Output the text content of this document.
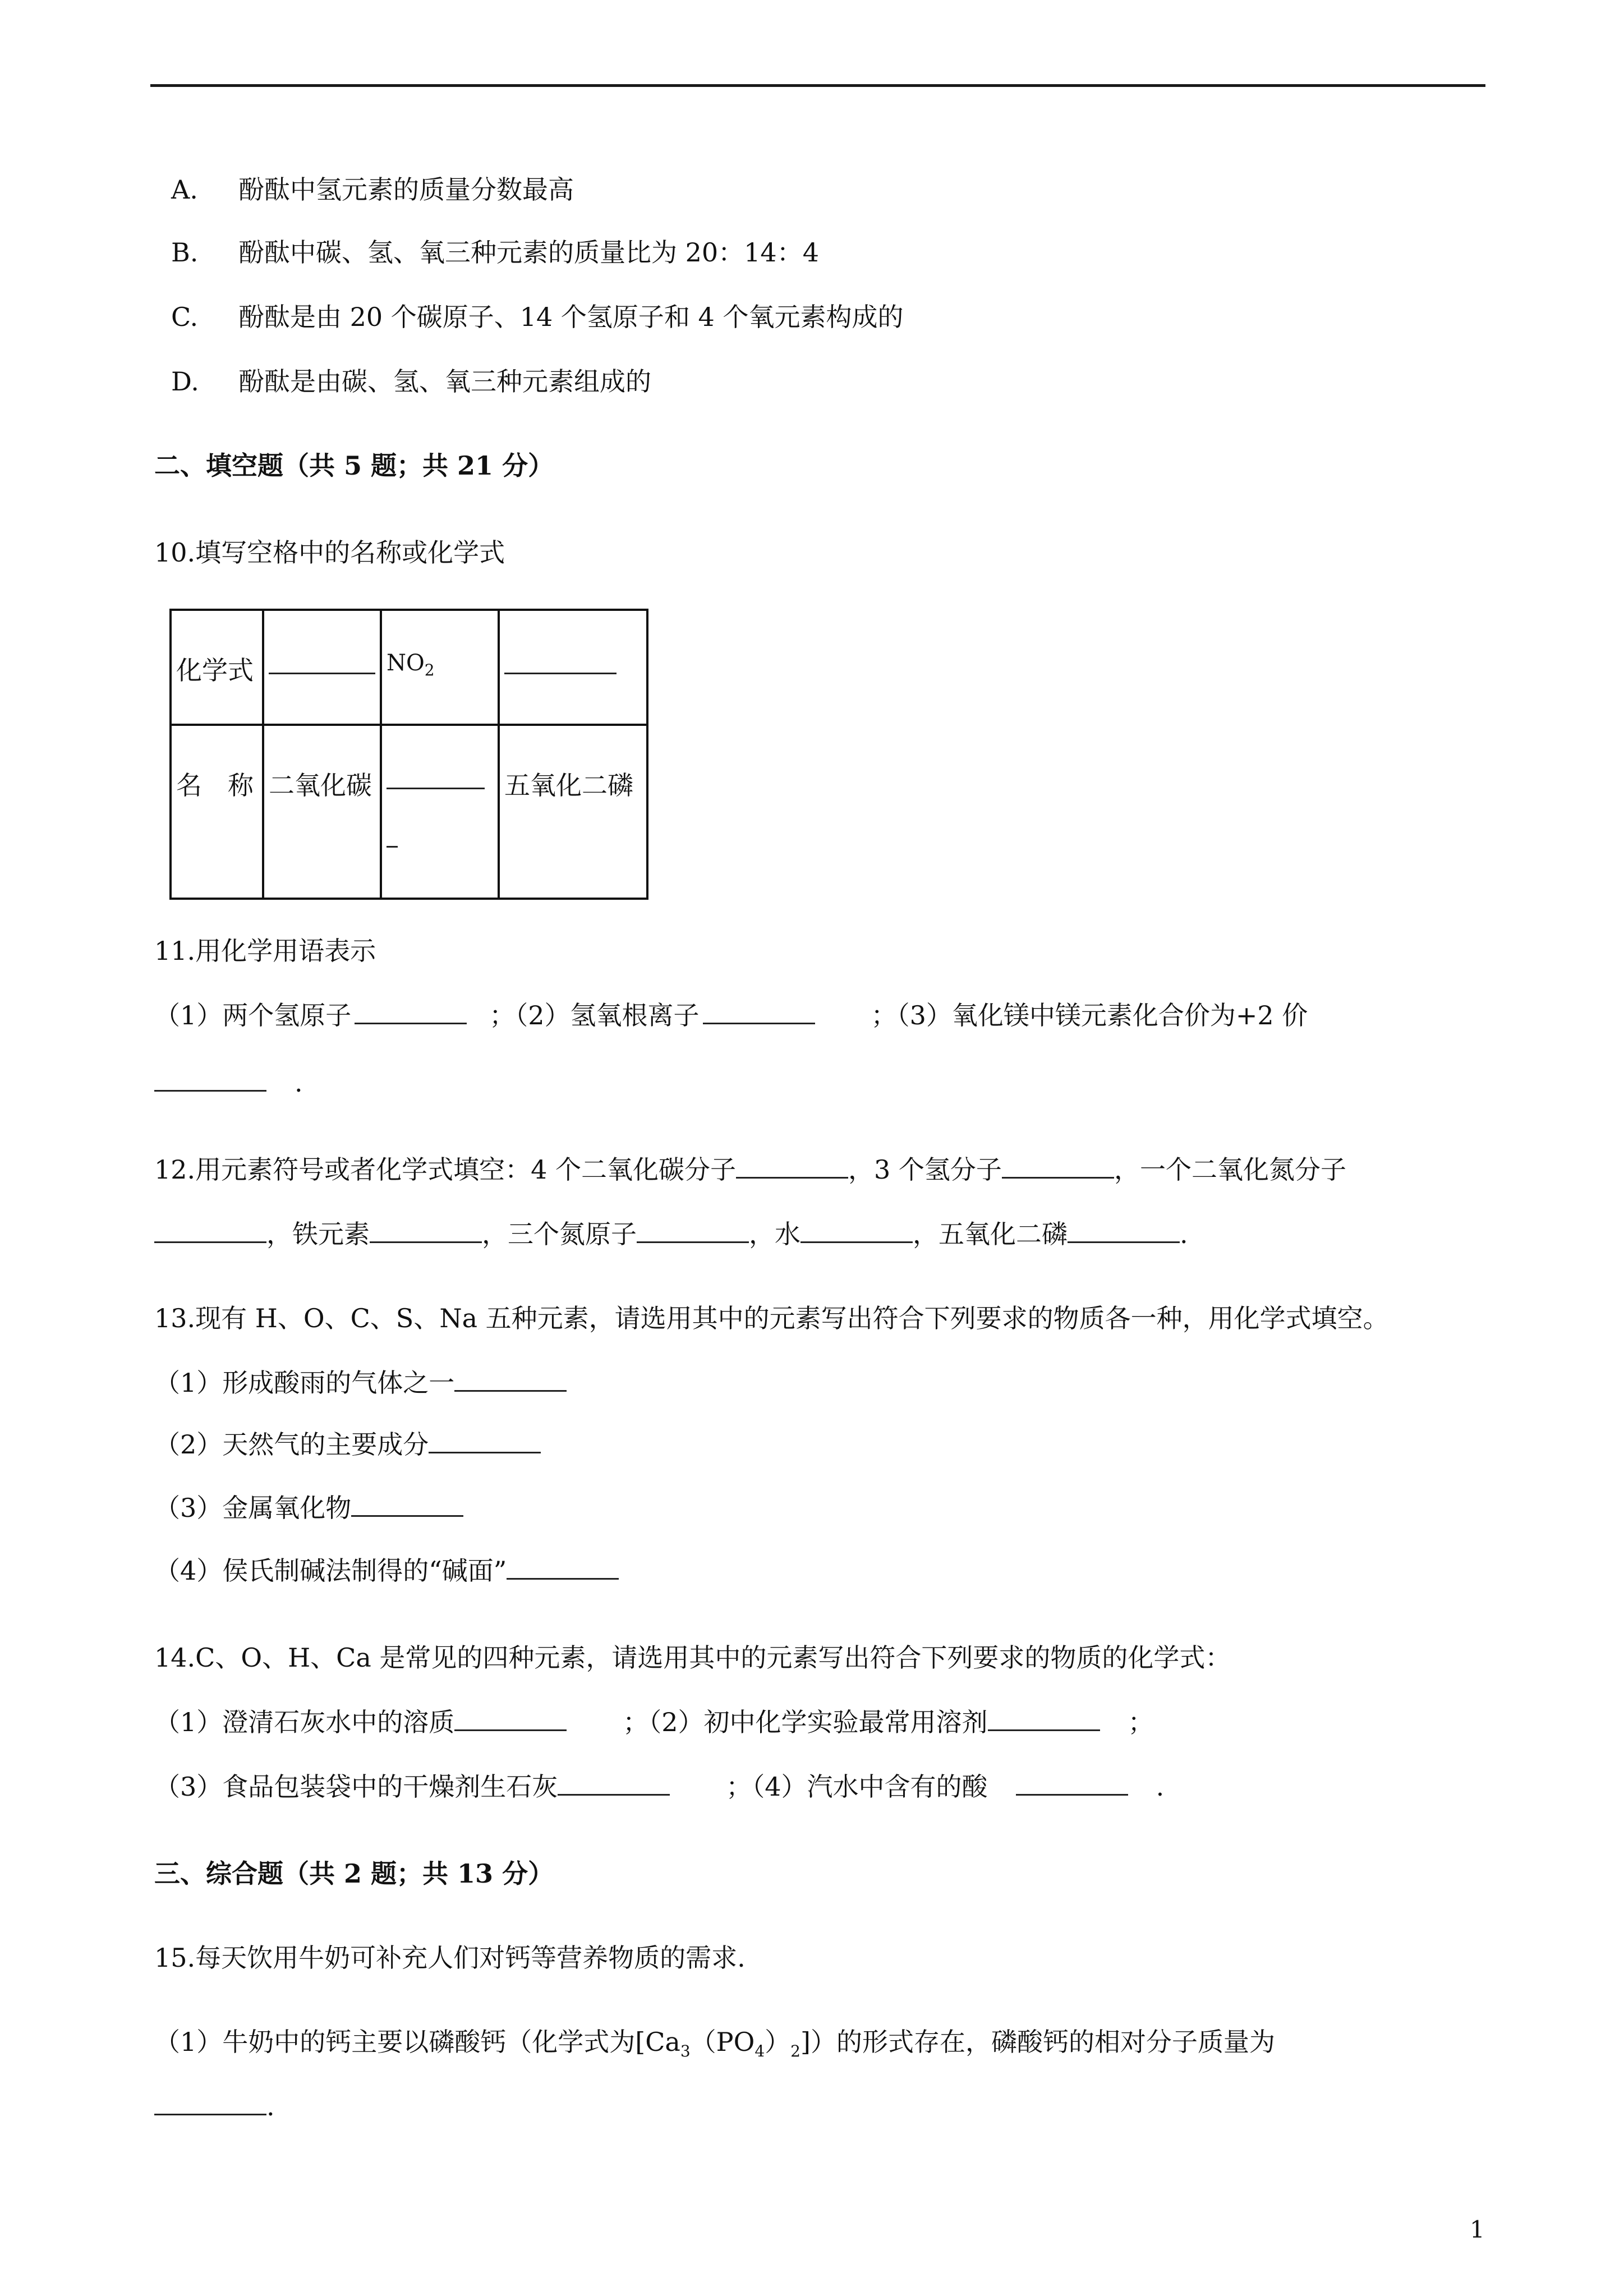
A. 酚酞中氢元素的质量分数最高
B. 酚酞中碳、氢、氧三种元素的质量比为 20：14：4
C. 酚酞是由 20 个碳原子、14 个氢原子和 4 个氧元素构成的
D. 酚酞是由碳、氢、氧三种元素组成的
二、填空题（共 5 题；共 21 分）
10.填写空格中的名称或化学式
化学式		$NO_2$	
名　称	二氧化碳		五氧化二磷
11.用化学用语表示
（1）两个氢原子	；（2）氢氧根离子	；（3）氧化镁中镁元素化合价为+2 价
.
12.用元素符号或者化学式填空：4 个二氧化碳分子	，3 个氢分子	，一个二氧化氮分子
，铁元素	，三个氮原子	，水	，五氧化二磷	.
13.现有 H、O、C、S、Na 五种元素，请选用其中的元素写出符合下列要求的物质各一种，用化学式填空。
（1）形成酸雨的气体之一
（2）天然气的主要成分
（3）金属氧化物
（4）侯氏制碱法制得的“碱面”
14.C、O、H、Ca 是常见的四种元素，请选用其中的元素写出符合下列要求的物质的化学式：
（1）澄清石灰水中的溶质	；（2）初中化学实验最常用溶剂	；
（3）食品包装袋中的干燥剂生石灰	；（4）汽水中含有的酸	.
三、综合题（共 2 题；共 13 分）
15.每天饮用牛奶可补充人们对钙等营养物质的需求.
（1）牛奶中的钙主要以磷酸钙（化学式为$[Ca_3(PO_4)_2]$）的形式存在，磷酸钙的相对分子质量为
.
1
